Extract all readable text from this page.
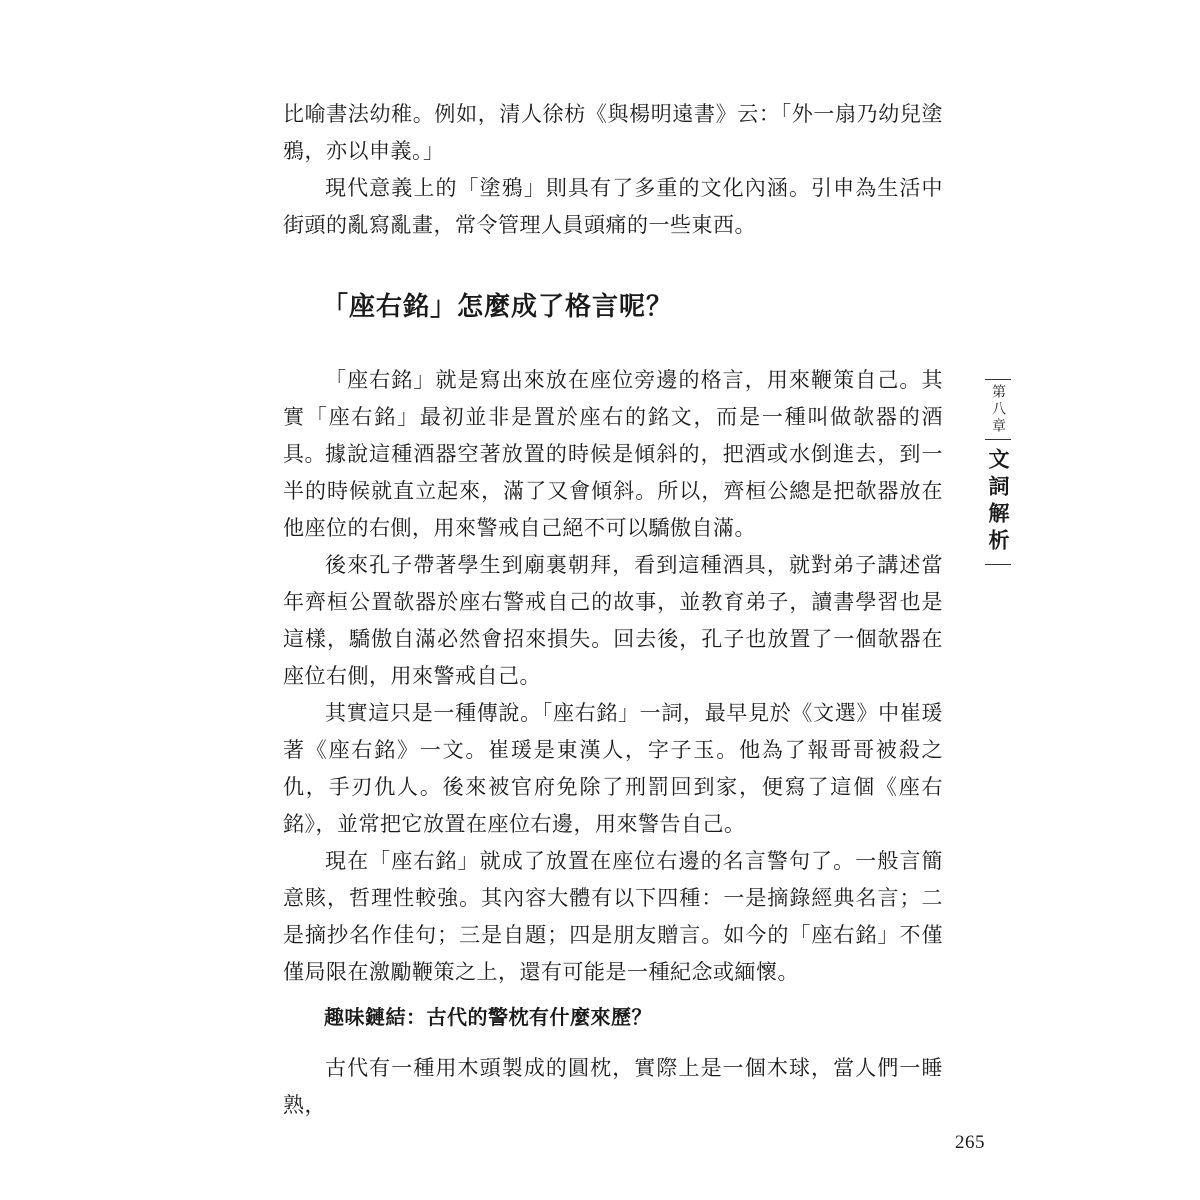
比喻書法幼稚。例如，清人徐枋《與楊明遠書》云：「外一扇乃幼兒塗鴉，亦以申義。」

現代意義上的「塗鴉」則具有了多重的文化內涵。引申為生活中街頭的亂寫亂畫，常令管理人員頭痛的一些東西。

「座右銘」怎麼成了格言呢？

「座右銘」就是寫出來放在座位旁邊的格言，用來鞭策自己。其實「座右銘」最初並非是置於座右的銘文，而是一種叫做欹器的酒具。 據說這種酒器空著放置的時候是傾斜的，把酒或水倒進去，到一半的時候就直立起來，滿了又會傾斜。所以，齊桓公總是把欹器放在他座位的右側，用來警戒自己絕不可以驕傲自滿。

後來孔子帶著學生到廟裏朝拜，看到這種酒具，就對弟子講述當年齊桓公置欹器於座右警戒自己的故事，並教育弟子，讀書學習也是這樣，驕傲自滿必然會招來損失。回去後，孔子也放置了一個欹器在座位右側，用來警戒自己。

其實這只是一種傳說。「座右銘」一詞，最早見於《文選》中崔瑗著《座右銘》一文。崔瑗是東漢人，字子玉。他為了報哥哥被殺之仇，手刃仇人。後來被官府免除了刑罰回到家，便寫了這個《座右銘》，並常把它放置在座位右邊，用來警告自己。

現在「座右銘」就成了放置在座位右邊的名言警句了。一般言簡意賅，哲理性較強。其內容大體有以下四種：一是摘錄經典名言；二是摘抄名作佳句；三是自題；四是朋友贈言。如今的「座右銘」不僅僅局限在激勵鞭策之上，還有可能是一種紀念或緬懷。

趣味鏈結：古代的警枕有什麼來歷？

古代有一種用木頭製成的圓枕，實際上是一個木球，當人們一睡熟，

第八章
文詞解析
265
